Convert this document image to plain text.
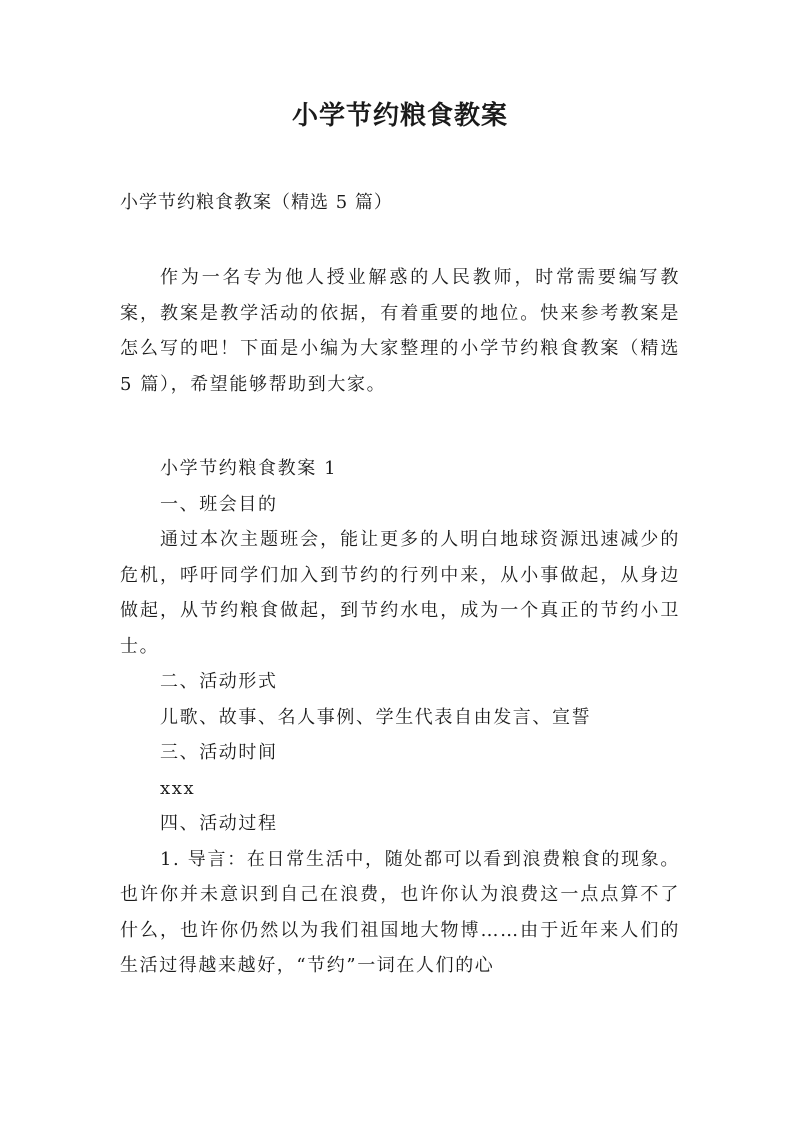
小学节约粮食教案
小学节约粮食教案（精选 5 篇）

作为一名专为他人授业解惑的人民教师，时常需要编写教案，教案是教学活动的依据，有着重要的地位。快来参考教案是怎么写的吧！下面是小编为大家整理的小学节约粮食教案（精选 5 篇），希望能够帮助到大家。

小学节约粮食教案 1

一、班会目的

通过本次主题班会，能让更多的人明白地球资源迅速减少的危机，呼吁同学们加入到节约的行列中来，从小事做起，从身边做起，从节约粮食做起，到节约水电，成为一个真正的节约小卫士。

二、活动形式

儿歌、故事、名人事例、学生代表自由发言、宣誓

三、活动时间

xxx

四、活动过程

1. 导言：在日常生活中，随处都可以看到浪费粮食的现象。也许你并未意识到自己在浪费，也许你认为浪费这一点点算不了什么，也许你仍然以为我们祖国地大物博……由于近年来人们的生活过得越来越好，“节约”一词在人们的心
